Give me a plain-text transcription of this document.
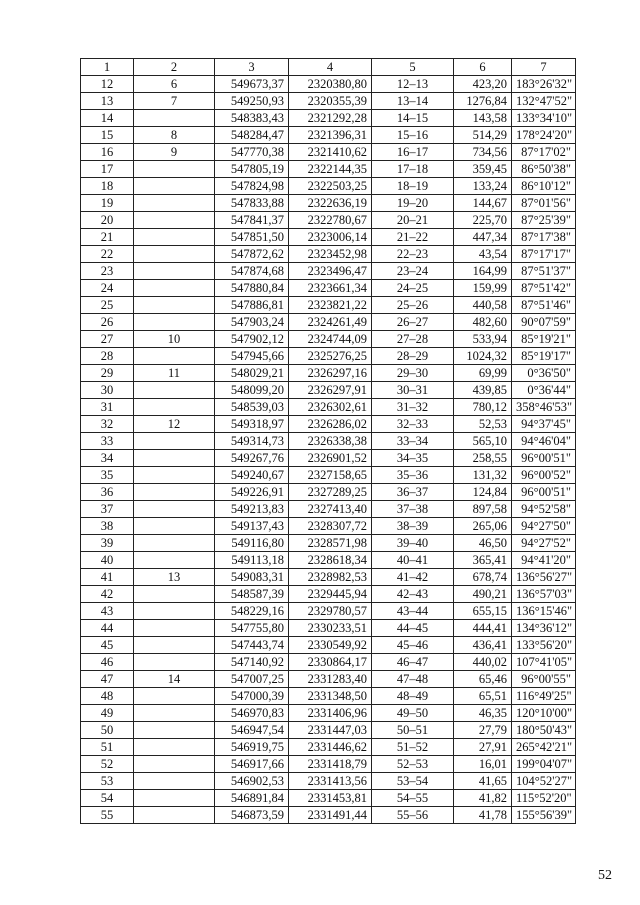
1	2	3	4	5	6	7
12	6	549673,37	2320380,80	12–13	423,20	183°26'32"
13	7	549250,93	2320355,39	13–14	1276,84	132°47'52"
14		548383,43	2321292,28	14–15	143,58	133°34'10"
15	8	548284,47	2321396,31	15–16	514,29	178°24'20"
16	9	547770,38	2321410,62	16–17	734,56	87°17'02"
17		547805,19	2322144,35	17–18	359,45	86°50'38"
18		547824,98	2322503,25	18–19	133,24	86°10'12"
19		547833,88	2322636,19	19–20	144,67	87°01'56"
20		547841,37	2322780,67	20–21	225,70	87°25'39"
21		547851,50	2323006,14	21–22	447,34	87°17'38"
22		547872,62	2323452,98	22–23	43,54	87°17'17"
23		547874,68	2323496,47	23–24	164,99	87°51'37"
24		547880,84	2323661,34	24–25	159,99	87°51'42"
25		547886,81	2323821,22	25–26	440,58	87°51'46"
26		547903,24	2324261,49	26–27	482,60	90°07'59"
27	10	547902,12	2324744,09	27–28	533,94	85°19'21"
28		547945,66	2325276,25	28–29	1024,32	85°19'17"
29	11	548029,21	2326297,16	29–30	69,99	0°36'50"
30		548099,20	2326297,91	30–31	439,85	0°36'44"
31		548539,03	2326302,61	31–32	780,12	358°46'53"
32	12	549318,97	2326286,02	32–33	52,53	94°37'45"
33		549314,73	2326338,38	33–34	565,10	94°46'04"
34		549267,76	2326901,52	34–35	258,55	96°00'51"
35		549240,67	2327158,65	35–36	131,32	96°00'52"
36		549226,91	2327289,25	36–37	124,84	96°00'51"
37		549213,83	2327413,40	37–38	897,58	94°52'58"
38		549137,43	2328307,72	38–39	265,06	94°27'50"
39		549116,80	2328571,98	39–40	46,50	94°27'52"
40		549113,18	2328618,34	40–41	365,41	94°41'20"
41	13	549083,31	2328982,53	41–42	678,74	136°56'27"
42		548587,39	2329445,94	42–43	490,21	136°57'03"
43		548229,16	2329780,57	43–44	655,15	136°15'46"
44		547755,80	2330233,51	44–45	444,41	134°36'12"
45		547443,74	2330549,92	45–46	436,41	133°56'20"
46		547140,92	2330864,17	46–47	440,02	107°41'05"
47	14	547007,25	2331283,40	47–48	65,46	96°00'55"
48		547000,39	2331348,50	48–49	65,51	116°49'25"
49		546970,83	2331406,96	49–50	46,35	120°10'00"
50		546947,54	2331447,03	50–51	27,79	180°50'43"
51		546919,75	2331446,62	51–52	27,91	265°42'21"
52		546917,66	2331418,79	52–53	16,01	199°04'07"
53		546902,53	2331413,56	53–54	41,65	104°52'27"
54		546891,84	2331453,81	54–55	41,82	115°52'20"
55		546873,59	2331491,44	55–56	41,78	155°56'39"
52
